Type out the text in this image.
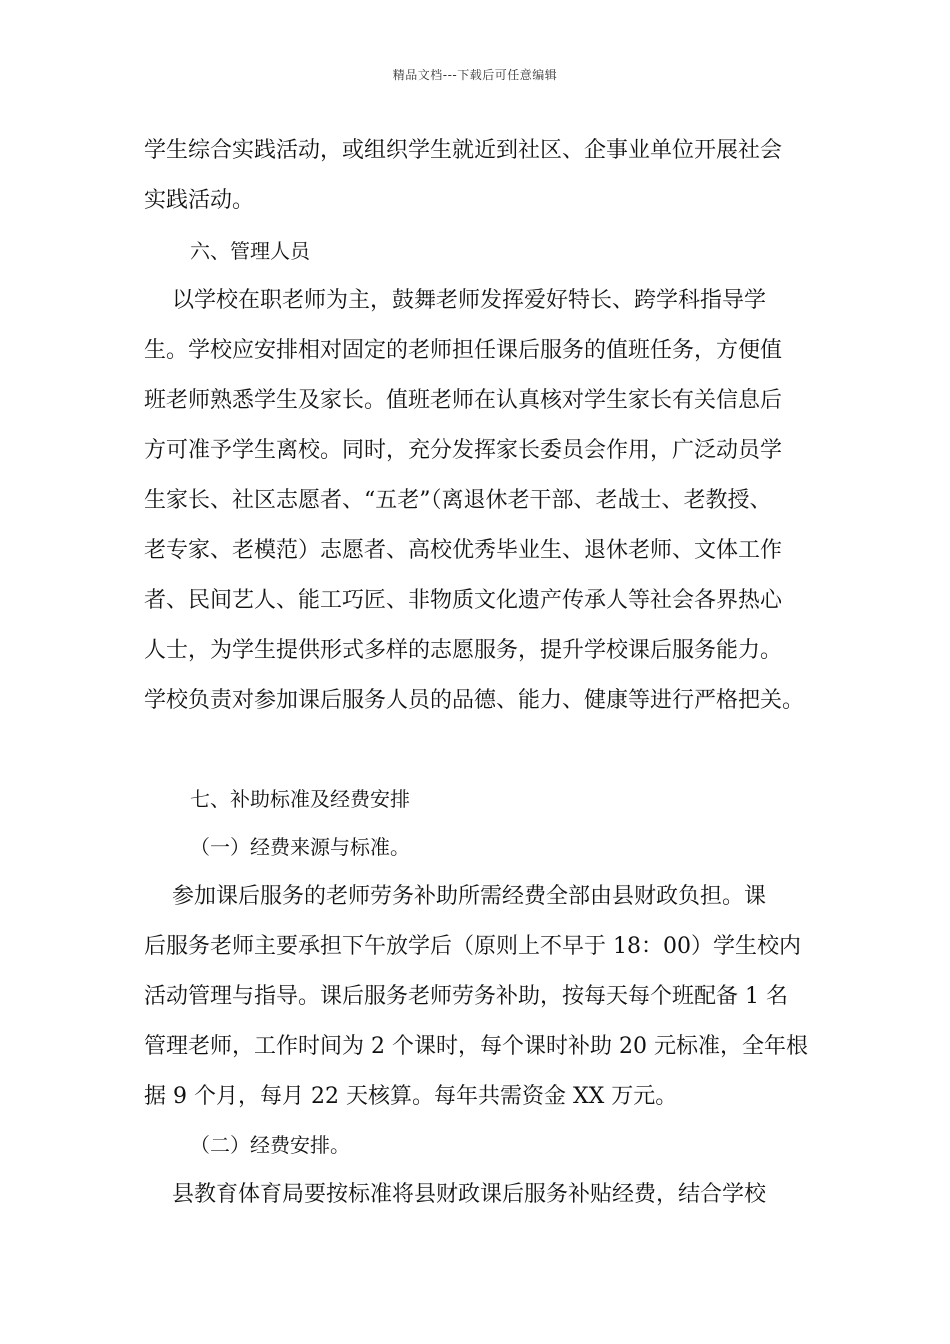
精品文档---下载后可任意编辑
学生综合实践活动，或组织学生就近到社区、企事业单位开展社会
实践活动。
六、管理人员
以学校在职老师为主，鼓舞老师发挥爱好特长、跨学科指导学
生。学校应安排相对固定的老师担任课后服务的值班任务，方便值
班老师熟悉学生及家长。值班老师在认真核对学生家长有关信息后
方可准予学生离校。同时，充分发挥家长委员会作用，广泛动员学
生家长、社区志愿者、“五老”（离退休老干部、老战士、老教授、
老专家、老模范）志愿者、高校优秀毕业生、退休老师、文体工作
者、民间艺人、能工巧匠、非物质文化遗产传承人等社会各界热心
人士，为学生提供形式多样的志愿服务，提升学校课后服务能力。
学校负责对参加课后服务人员的品德、能力、健康等进行严格把关。
七、补助标准及经费安排
（一）经费来源与标准。
参加课后服务的老师劳务补助所需经费全部由县财政负担。课
后服务老师主要承担下午放学后（原则上不早于 18：00）学生校内
活动管理与指导。课后服务老师劳务补助，按每天每个班配备 1 名
管理老师，工作时间为 2 个课时，每个课时补助 20 元标准，全年根
据 9 个月，每月 22 天核算。每年共需资金 XX 万元。
（二）经费安排。
县教育体育局要按标准将县财政课后服务补贴经费，结合学校
